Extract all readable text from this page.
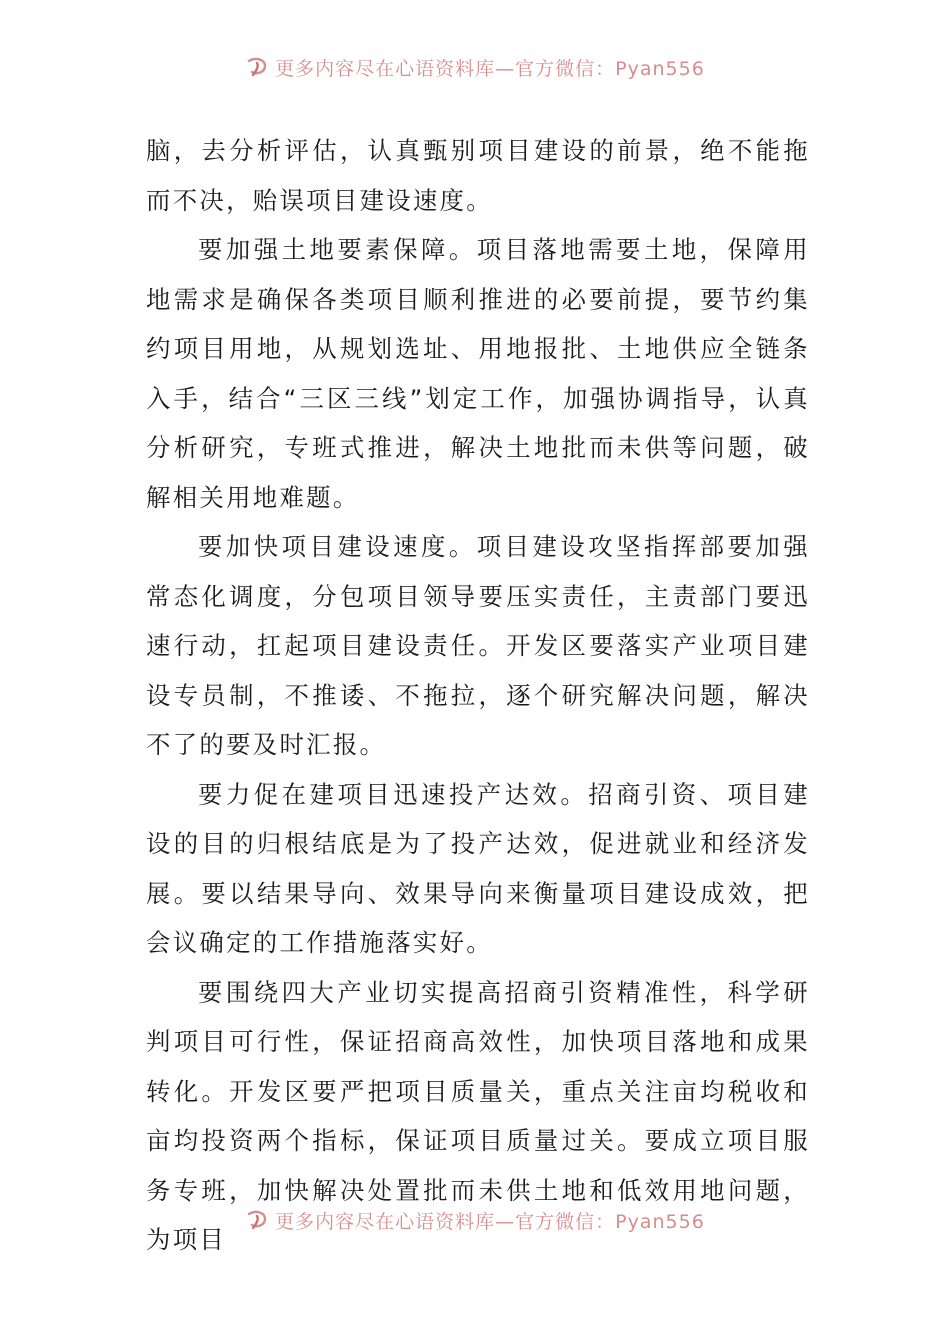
更多内容尽在心语资料库—官方微信：Pyan556

脑，去分析评估，认真甄别项目建设的前景，绝不能拖而不决，贻误项目建设速度。

要加强土地要素保障。项目落地需要土地，保障用地需求是确保各类项目顺利推进的必要前提，要节约集约项目用地，从规划选址、用地报批、土地供应全链条入手，结合“三区三线”划定工作，加强协调指导，认真分析研究，专班式推进，解决土地批而未供等问题，破解相关用地难题。

要加快项目建设速度。项目建设攻坚指挥部要加强常态化调度，分包项目领导要压实责任，主责部门要迅速行动，扛起项目建设责任。开发区要落实产业项目建设专员制，不推诿、不拖拉，逐个研究解决问题，解决不了的要及时汇报。

要力促在建项目迅速投产达效。招商引资、项目建设的目的归根结底是为了投产达效，促进就业和经济发展。要以结果导向、效果导向来衡量项目建设成效，把会议确定的工作措施落实好。

要围绕四大产业切实提高招商引资精准性，科学研判项目可行性，保证招商高效性，加快项目落地和成果转化。开发区要严把项目质量关，重点关注亩均税收和亩均投资两个指标，保证项目质量过关。要成立项目服务专班，加快解决处置批而未供土地和低效用地问题，为项目

更多内容尽在心语资料库—官方微信：Pyan556
